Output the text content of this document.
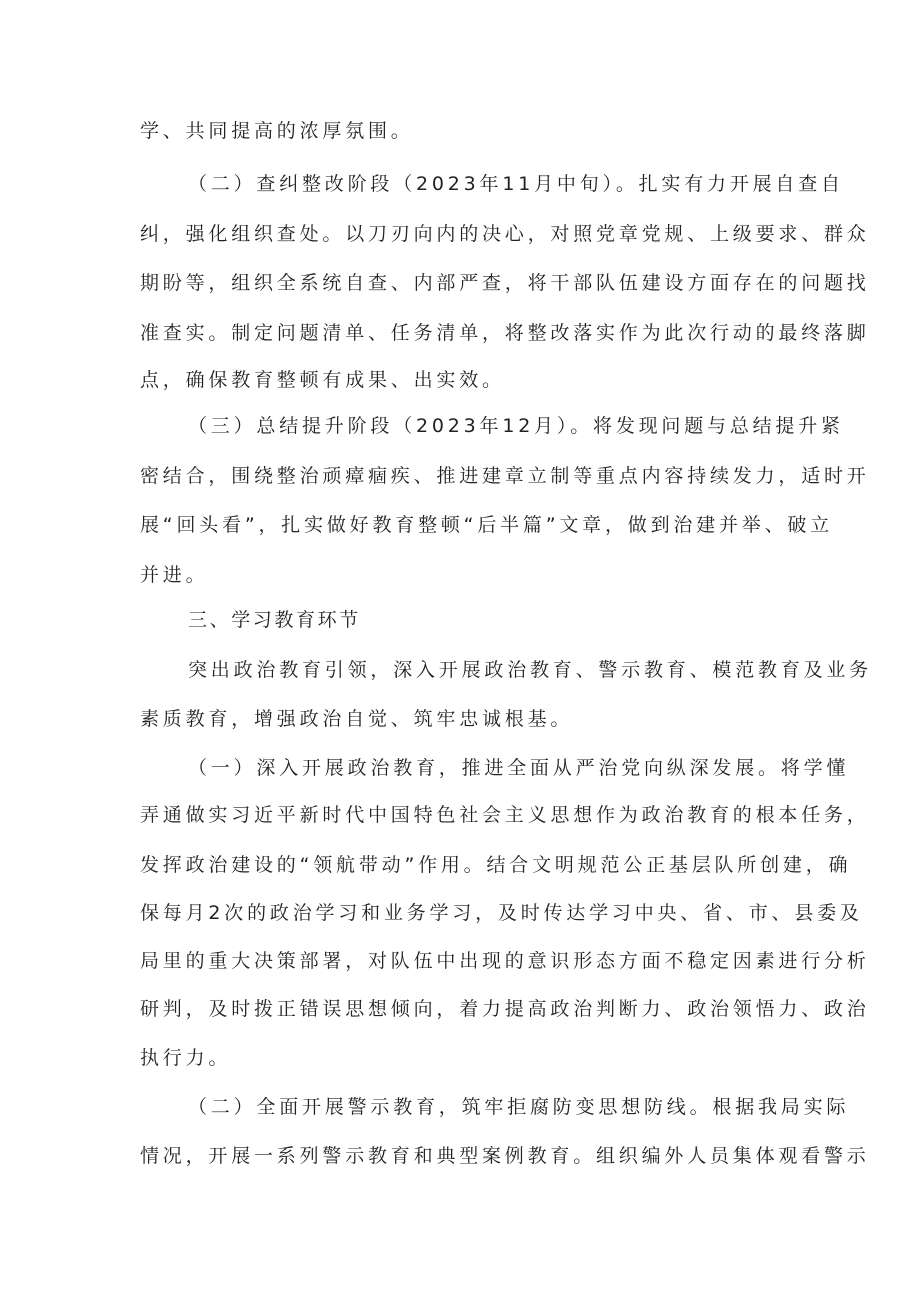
学、共同提高的浓厚氛围。
（二）查纠整改阶段（2023年11月中旬）。扎实有力开展自查自
纠，强化组织查处。以刀刃向内的决心，对照党章党规、上级要求、群众
期盼等，组织全系统自查、内部严查，将干部队伍建设方面存在的问题找
准查实。制定问题清单、任务清单，将整改落实作为此次行动的最终落脚
点，确保教育整顿有成果、出实效。
（三）总结提升阶段（2023年12月）。将发现问题与总结提升紧
密结合，围绕整治顽瘴痼疾、推进建章立制等重点内容持续发力，适时开
展“回头看”，扎实做好教育整顿“后半篇”文章，做到治建并举、破立
并进。
三、学习教育环节
突出政治教育引领，深入开展政治教育、警示教育、模范教育及业务
素质教育，增强政治自觉、筑牢忠诚根基。
（一）深入开展政治教育，推进全面从严治党向纵深发展。将学懂
弄通做实习近平新时代中国特色社会主义思想作为政治教育的根本任务，
发挥政治建设的“领航带动”作用。结合文明规范公正基层队所创建，确
保每月2次的政治学习和业务学习，及时传达学习中央、省、市、县委及
局里的重大决策部署，对队伍中出现的意识形态方面不稳定因素进行分析
研判，及时拨正错误思想倾向，着力提高政治判断力、政治领悟力、政治
执行力。
（二）全面开展警示教育，筑牢拒腐防变思想防线。根据我局实际
情况，开展一系列警示教育和典型案例教育。组织编外人员集体观看警示
